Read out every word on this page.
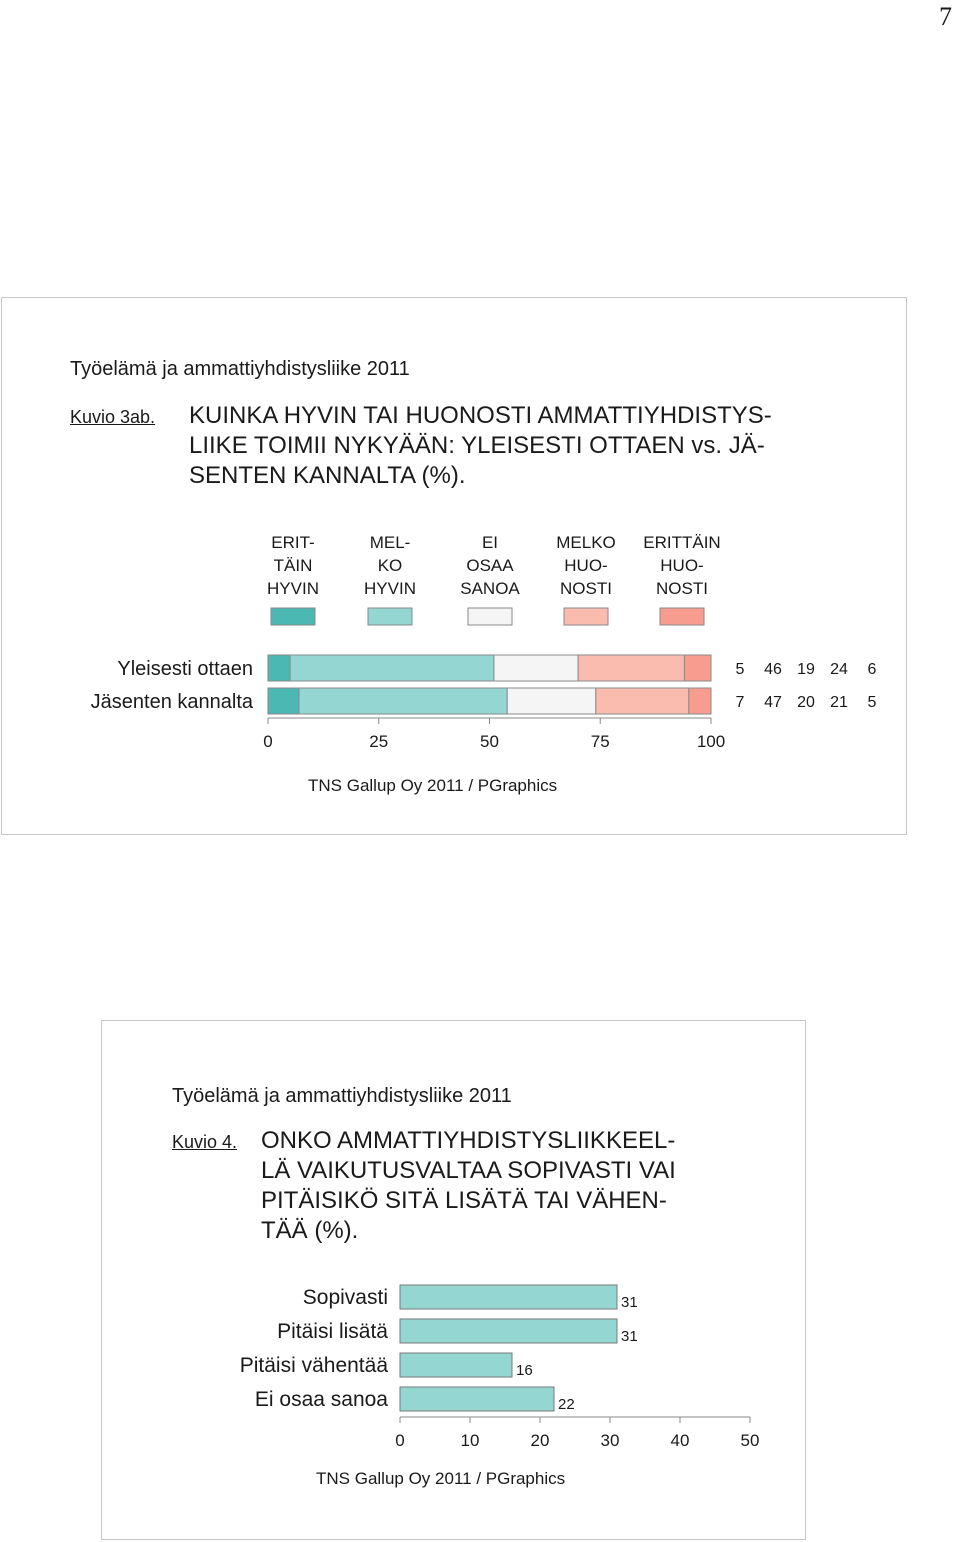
7
Työelämä ja ammattiyhdistysliike 2011
Kuvio 3ab. KUINKA HYVIN TAI HUONOSTI AMMATTIYHDISTYS-
LIIKE TOIMII NYKYÄÄN: YLEISESTI OTTAEN vs. JÄ-
SENTEN KANNALTA (%).
ERIT-
TÄIN
HYVIN
MEL-
KO
HYVIN
EI
OSAA
SANOA
MELKO
HUO-
NOSTI
ERITTÄIN
HUO-
NOSTI
Yleisesti ottaen	5 46 19 24 6
Jäsenten kannalta	7 47 20 21 5
0	25	50	75	100
TNS Gallup Oy 2011 / PGraphics
Työelämä ja ammattiyhdistysliike 2011
Kuvio 4. ONKO AMMATTIYHDISTYSLIIKKEEL-
LÄ VAIKUTUSVALTAA SOPIVASTI VAI
PITÄISIKÖ SITÄ LISÄTÄ TAI VÄHEN-
TÄÄ (%).
Sopivasti	31
Pitäisi lisätä	31
Pitäisi vähentää	16
Ei osaa sanoa	22
0	10	20	30	40	50
TNS Gallup Oy 2011 / PGraphics
